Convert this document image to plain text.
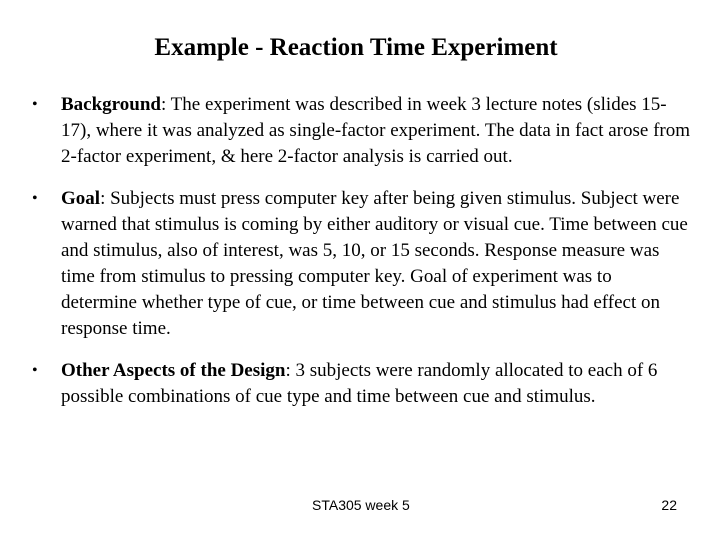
Example - Reaction Time Experiment
• Background: The experiment was described in week 3 lecture notes (slides 15-17), where it was analyzed as single-factor experiment. The data in fact arose from 2-factor experiment, & here 2-factor analysis is carried out.
• Goal: Subjects must press computer key after being given stimulus. Subject were warned that stimulus is coming by either auditory or visual cue. Time between cue and stimulus, also of interest, was 5, 10, or 15 seconds. Response measure was time from stimulus to pressing computer key. Goal of experiment was to determine whether type of cue, or time between cue and stimulus had effect on response time.
• Other Aspects of the Design: 3 subjects were randomly allocated to each of 6 possible combinations of cue type and time between cue and stimulus.
STA305 week 5	22
